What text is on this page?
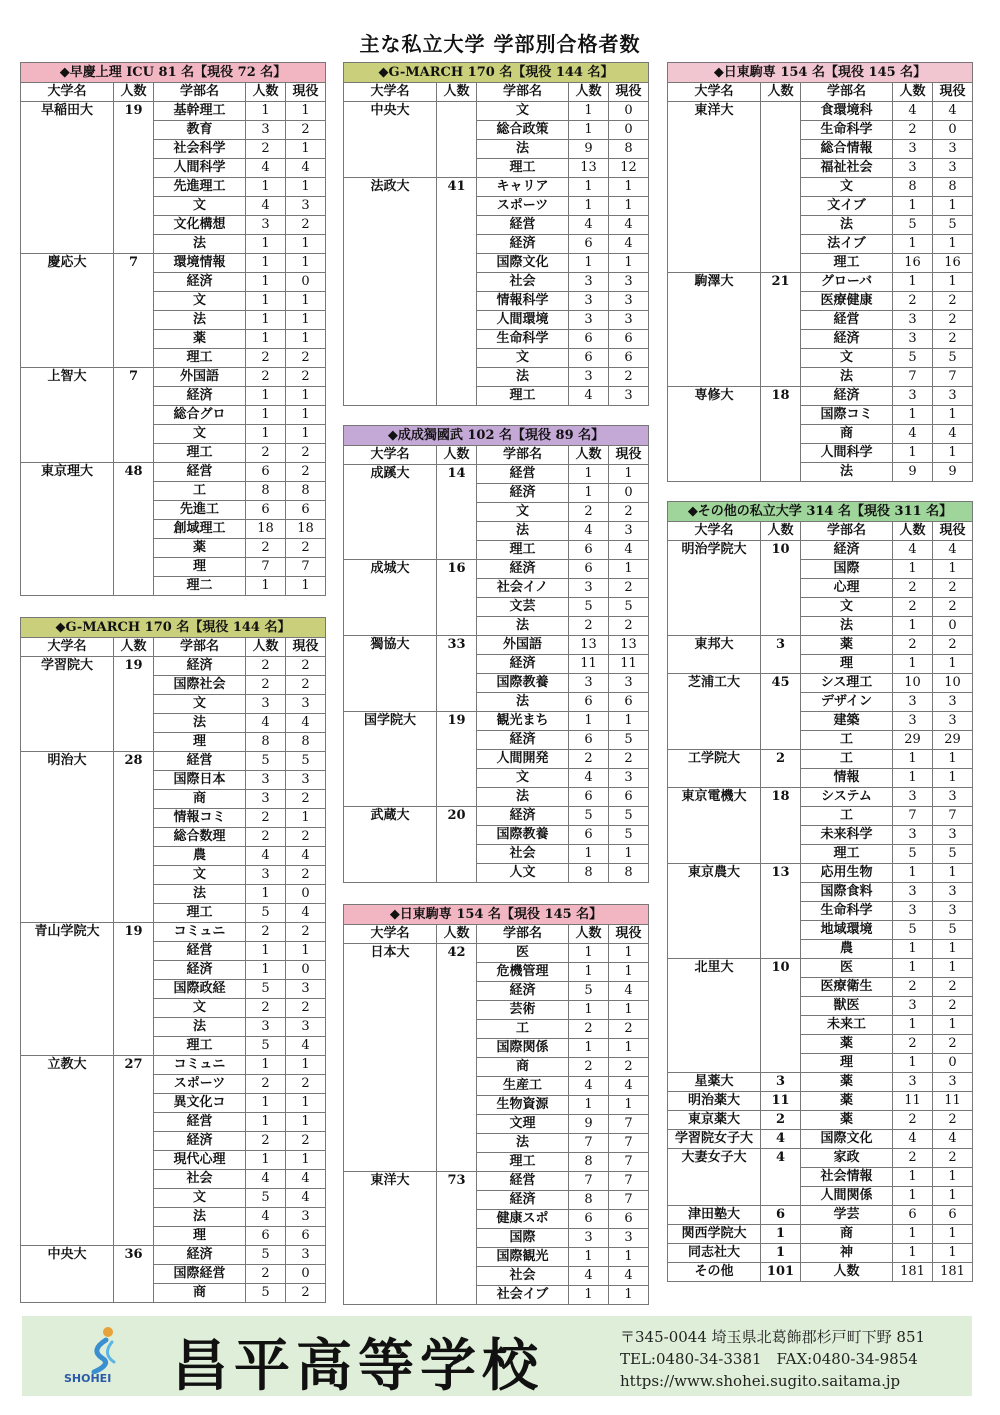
主な私立大学 学部別合格者数
◆早慶上理 ICU 81 名【現役 72 名】
大学名	人数	学部名	人数	現役
早稲田大	19	基幹理工	1	1
		教育	3	2
		社会科学	2	1
		人間科学	4	4
		先進理工	1	1
		文	4	3
		文化構想	3	2
		法	1	1
慶応大	7	環境情報	1	1
		経済	1	0
		文	1	1
		法	1	1
		薬	1	1
		理工	2	2
上智大	7	外国語	2	2
		経済	1	1
		総合グロ	1	1
		文	1	1
		理工	2	2
東京理大	48	経営	6	2
		工	8	8
		先進工	6	6
		創域理工	18	18
		薬	2	2
		理	7	7
		理二	1	1
◆G-MARCH 170 名【現役 144 名】
大学名	人数	学部名	人数	現役
学習院大	19	経済	2	2
		国際社会	2	2
		文	3	3
		法	4	4
		理	8	8
明治大	28	経営	5	5
		国際日本	3	3
		商	3	2
		情報コミ	2	1
		総合数理	2	2
		農	4	4
		文	3	2
		法	1	0
		理工	5	4
青山学院大	19	コミュニ	2	2
		経営	1	1
		経済	1	0
		国際政経	5	3
		文	2	2
		法	3	3
		理工	5	4
立教大	27	コミュニ	1	1
		スポーツ	2	2
		異文化コ	1	1
		経営	1	1
		経済	2	2
		現代心理	1	1
		社会	4	4
		文	5	4
		法	4	3
		理	6	6
中央大	36	経済	5	3
		国際経営	2	0
		商	5	2
◆G-MARCH 170 名【現役 144 名】
大学名	人数	学部名	人数	現役
中央大		文	1	0
		総合政策	1	0
		法	9	8
		理工	13	12
法政大	41	キャリア	1	1
		スポーツ	1	1
		経営	4	4
		経済	6	4
		国際文化	1	1
		社会	3	3
		情報科学	3	3
		人間環境	3	3
		生命科学	6	6
		文	6	6
		法	3	2
		理工	4	3
◆成成獨國武 102 名【現役 89 名】
大学名	人数	学部名	人数	現役
成蹊大	14	経営	1	1
		経済	1	0
		文	2	2
		法	4	3
		理工	6	4
成城大	16	経済	6	1
		社会イノ	3	2
		文芸	5	5
		法	2	2
獨協大	33	外国語	13	13
		経済	11	11
		国際教養	3	3
		法	6	6
国学院大	19	観光まち	1	1
		経済	6	5
		人間開発	2	2
		文	4	3
		法	6	6
武蔵大	20	経済	5	5
		国際教養	6	5
		社会	1	1
		人文	8	8
◆日東駒専 154 名【現役 145 名】
大学名	人数	学部名	人数	現役
日本大	42	医	1	1
		危機管理	1	1
		経済	5	4
		芸術	1	1
		工	2	2
		国際関係	1	1
		商	2	2
		生産工	4	4
		生物資源	1	1
		文理	9	7
		法	7	7
		理工	8	7
東洋大	73	経営	7	7
		経済	8	7
		健康スポ	6	6
		国際	3	3
		国際観光	1	1
		社会	4	4
		社会イブ	1	1
◆日東駒専 154 名【現役 145 名】
大学名	人数	学部名	人数	現役
東洋大		食環境科	4	4
		生命科学	2	0
		総合情報	3	3
		福祉社会	3	3
		文	8	8
		文イブ	1	1
		法	5	5
		法イブ	1	1
		理工	16	16
駒澤大	21	グローバ	1	1
		医療健康	2	2
		経営	3	2
		経済	3	2
		文	5	5
		法	7	7
専修大	18	経済	3	3
		国際コミ	1	1
		商	4	4
		人間科学	1	1
		法	9	9
◆その他の私立大学 314 名【現役 311 名】
大学名	人数	学部名	人数	現役
明治学院大	10	経済	4	4
		国際	1	1
		心理	2	2
		文	2	2
		法	1	0
東邦大	3	薬	2	2
		理	1	1
芝浦工大	45	シス理工	10	10
		デザイン	3	3
		建築	3	3
		工	29	29
工学院大	2	工	1	1
		情報	1	1
東京電機大	18	システム	3	3
		工	7	7
		未来科学	3	3
		理工	5	5
東京農大	13	応用生物	1	1
		国際食料	3	3
		生命科学	3	3
		地域環境	5	5
		農	1	1
北里大	10	医	1	1
		医療衛生	2	2
		獣医	3	2
		未来工	1	1
		薬	2	2
		理	1	0
星薬大	3	薬	3	3
明治薬大	11	薬	11	11
東京薬大	2	薬	2	2
学習院女子大	4	国際文化	4	4
大妻女子大	4	家政	2	2
		社会情報	1	1
		人間関係	1	1
津田塾大	6	学芸	6	6
関西学院大	1	商	1	1
同志社大	1	神	1	1
その他	101	人数	181	181
SHOHEI 昌平高等学校	〒345-0044 埼玉県北葛飾郡杉戸町下野 851
TEL:0480-34-3381　FAX:0480-34-9854
https://www.shohei.sugito.saitama.jp
